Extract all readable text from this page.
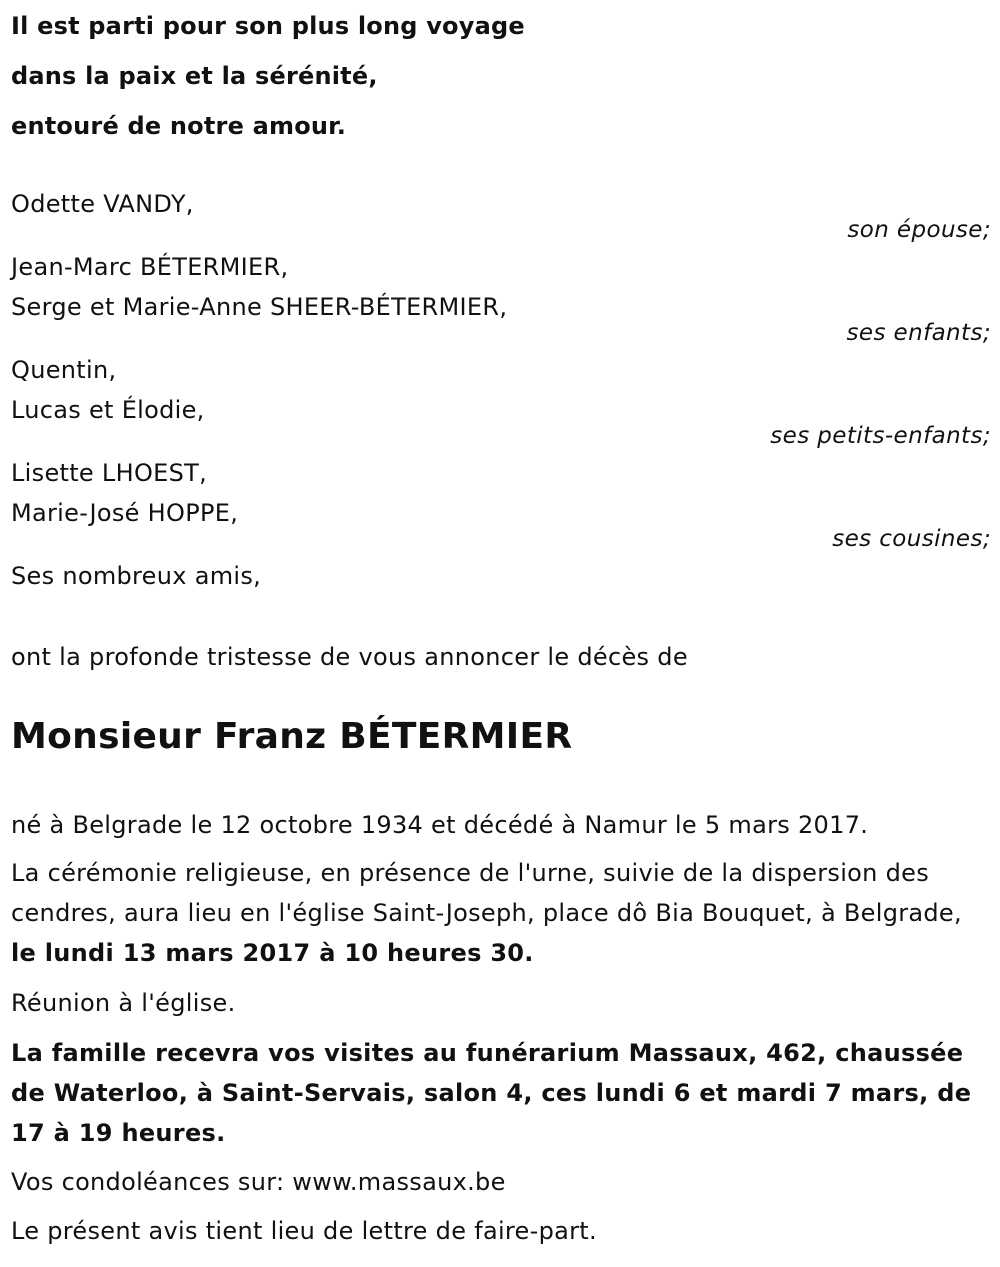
Il est parti pour son plus long voyage
dans la paix et la sérénité,
entouré de notre amour.
Odette VANDY,
son épouse;
Jean-Marc BÉTERMIER,
Serge et Marie-Anne SHEER-BÉTERMIER,
ses enfants;
Quentin,
Lucas et Élodie,
ses petits-enfants;
Lisette LHOEST,
Marie-José HOPPE,
ses cousines;
Ses nombreux amis,
ont la profonde tristesse de vous annoncer le décès de
Monsieur Franz BÉTERMIER
né à Belgrade le 12 octobre 1934 et décédé à Namur le 5 mars 2017.
La cérémonie religieuse, en présence de l'urne, suivie de la dispersion des cendres, aura lieu en l'église Saint-Joseph, place dô Bia Bouquet, à Belgrade, le lundi 13 mars 2017 à 10 heures 30.
Réunion à l'église.
La famille recevra vos visites au funérarium Massaux, 462, chaussée de Waterloo, à Saint-Servais, salon 4, ces lundi 6 et mardi 7 mars, de 17 à 19 heures.
Vos condoléances sur: www.massaux.be
Le présent avis tient lieu de lettre de faire-part.
